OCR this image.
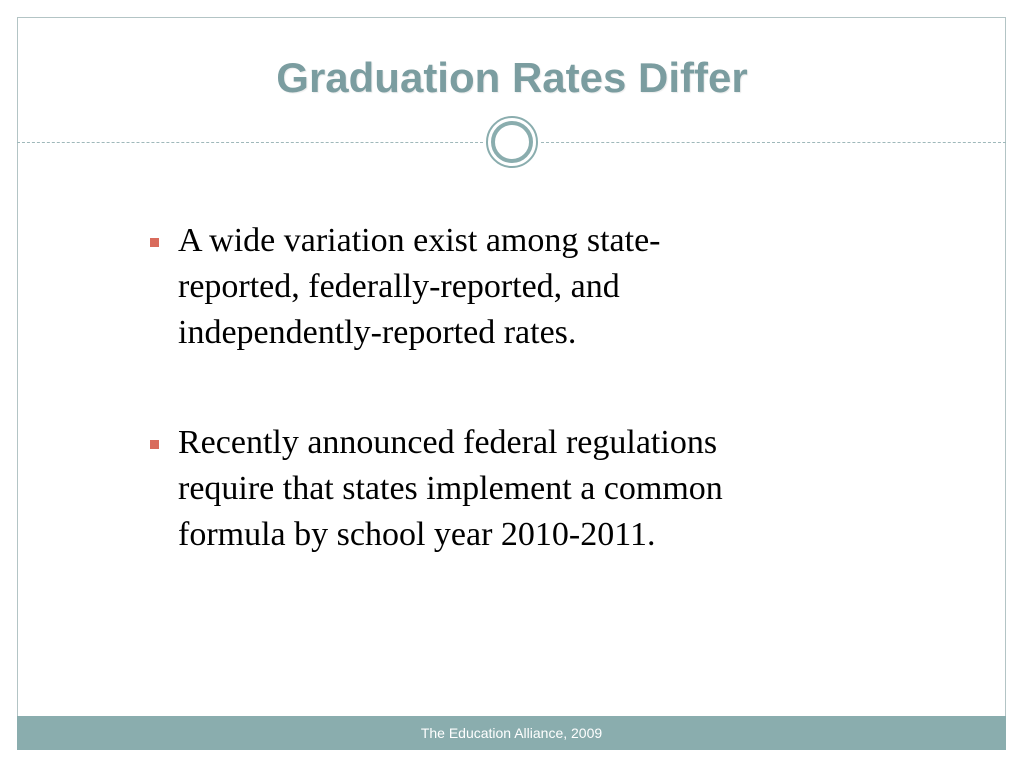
Graduation Rates Differ
A wide variation exist among state-
reported, federally-reported, and
independently-reported rates.
Recently announced federal regulations
require that states implement a common
formula by school year 2010-2011.
The Education Alliance, 2009
